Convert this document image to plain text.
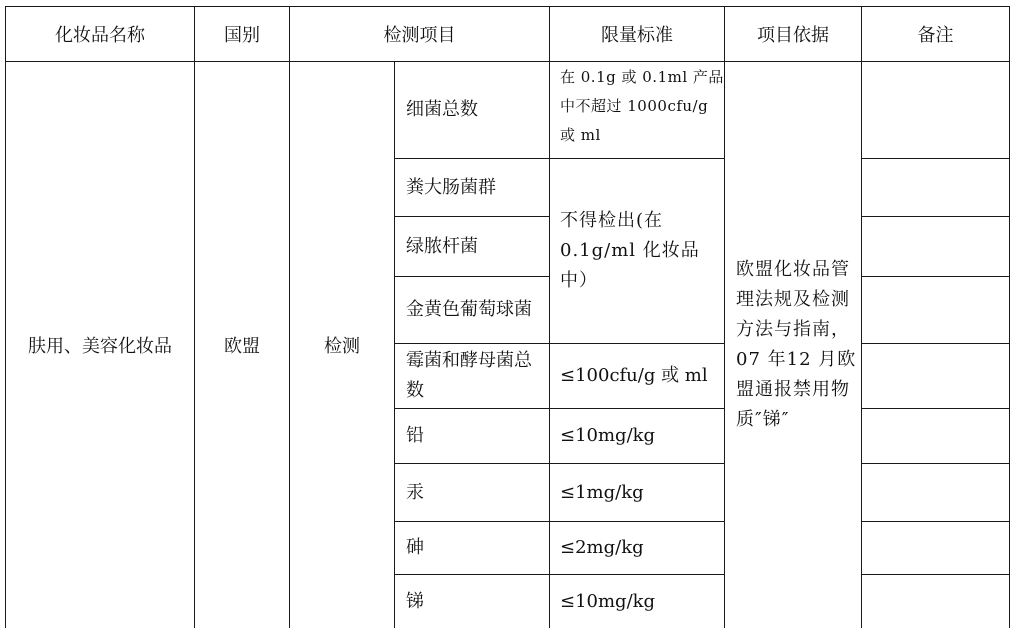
化妆品名称	国别	检测项目		限量标准	项目依据	备注
肤用、美容化妆品	欧盟	检测	细菌总数	在 0.1g 或 0.1ml 产品中不超过 1000cfu/g 或 ml	欧盟化妆品管理法规及检测方法与指南，07 年12 月欧盟通报禁用物质″锑″	
			粪大肠菌群	不得检出(在 0.1g/ml 化妆品中）		
			绿脓杆菌			
			金黄色葡萄球菌			
			霉菌和酵母菌总数	≤100cfu/g 或 ml		
			铅	≤10mg/kg		
			汞	≤1mg/kg		
			砷	≤2mg/kg		
			锑	≤10mg/kg		
